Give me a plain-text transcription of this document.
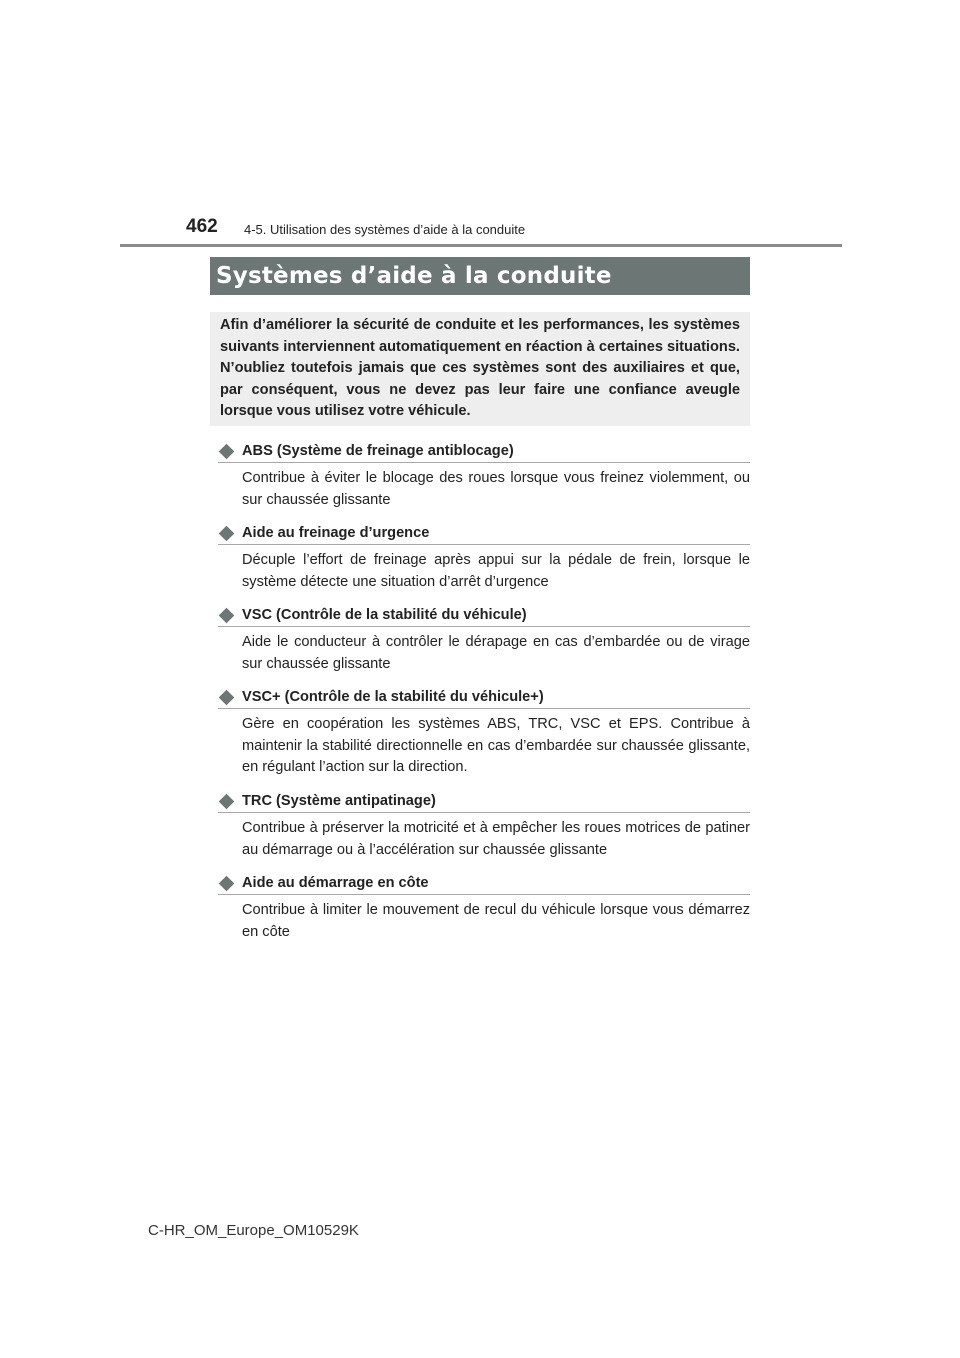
462 4-5. Utilisation des systèmes d’aide à la conduite
Systèmes d’aide à la conduite

Afin d’améliorer la sécurité de conduite et les performances, les systèmes suivants interviennent automatiquement en réaction à certaines situations. N’oubliez toutefois jamais que ces systèmes sont des auxiliaires et que, par conséquent, vous ne devez pas leur faire une confiance aveugle lorsque vous utilisez votre véhicule.

ABS (Système de freinage antiblocage)

Contribue à éviter le blocage des roues lorsque vous freinez violemment, ou sur chaussée glissante

Aide au freinage d’urgence

Décuple l’effort de freinage après appui sur la pédale de frein, lorsque le système détecte une situation d’arrêt d’urgence

VSC (Contrôle de la stabilité du véhicule)

Aide le conducteur à contrôler le dérapage en cas d’embardée ou de virage sur chaussée glissante

VSC+ (Contrôle de la stabilité du véhicule+)

Gère en coopération les systèmes ABS, TRC, VSC et EPS. Contribue à maintenir la stabilité directionnelle en cas d’embardée sur chaussée glissante, en régulant l’action sur la direction.

TRC (Système antipatinage)

Contribue à préserver la motricité et à empêcher les roues motrices de patiner au démarrage ou à l’accélération sur chaussée glissante

Aide au démarrage en côte

Contribue à limiter le mouvement de recul du véhicule lorsque vous démarrez en côte

C-HR_OM_Europe_OM10529K
